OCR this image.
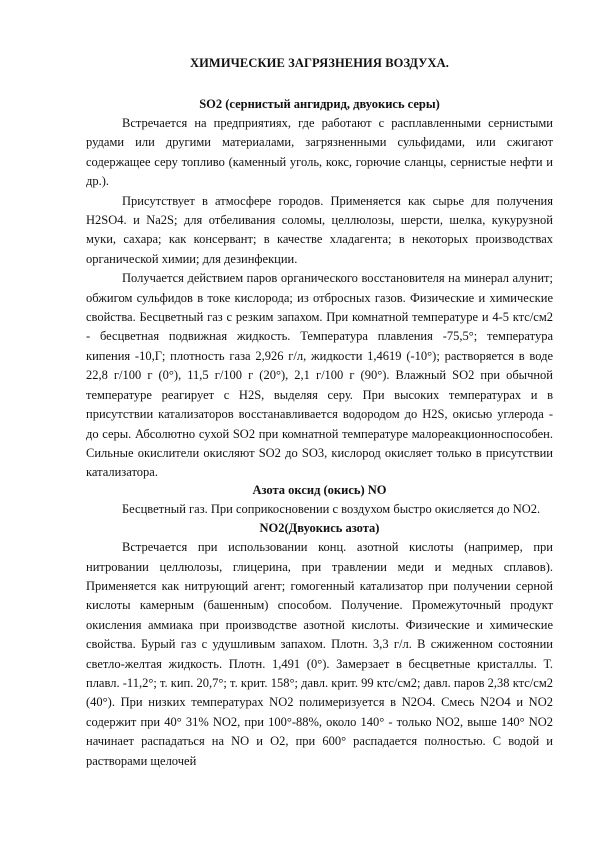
ХИМИЧЕСКИЕ ЗАГРЯЗНЕНИЯ ВОЗДУХА.
SO2 (сернистый ангидрид, двуокись серы)

Встречается на предприятиях, где работают с расплавленными сернистыми рудами или другими материалами, загрязненными сульфидами, или сжигают содержащее серу топливо (каменный уголь, кокс, горючие сланцы, сернистые нефти и др.).

Присутствует в атмосфере городов. Применяется как сырье для получения H2SO4. и Na2S; для отбеливания соломы, целлюлозы, шерсти, шелка, кукурузной муки, сахара; как консервант; в качестве хладагента; в некоторых производствах органической химии; для дезинфекции.

Получается действием паров органического восстановителя на минерал алунит; обжигом сульфидов в токе кислорода; из отбросных газов. Физические и химические свойства. Бесцветный газ с резким запахом. При комнатной температуре и 4-5 ктс/см2 - бесцветная подвижная жидкость. Температура плавления -75,5°; температура кипения -10,Г; плотность газа 2,926 г/л, жидкости 1,4619 (-10°); растворяется в воде 22,8 г/100 г (0°), 11,5 г/100 г (20°), 2,1 г/100 г (90°). Влажный SO2 при обычной температуре реагирует с H2S, выделяя серу. При высоких температурах и в присутствии катализаторов восстанавливается водородом до H2S, окисью углерода - до серы. Абсолютно сухой SO2 при комнатной температуре малореакционноспособен. Сильные окислители окисляют SO2 до SO3, кислород окисляет только в присутствии катализатора.

Азота оксид (окись) NO

Бесцветный газ. При соприкосновении с воздухом быстро окисляется до NO2.

NO2(Двуокись азота)

Встречается при использовании конц. азотной кислоты (например, при нитровании целлюлозы, глицерина, при травлении меди и медных сплавов). Применяется как нитрующий агент; гомогенный катализатор при получении серной кислоты камерным (башенным) способом. Получение. Промежуточный продукт окисления аммиака при производстве азотной кислоты. Физические и химические свойства. Бурый газ с удушливым запахом. Плотн. 3,3 г/л. В сжиженном состоянии светло-желтая жидкость. Плотн. 1,491 (0°). Замерзает в бесцветные кристаллы. Т. плавл. -11,2°; т. кип. 20,7°; т. крит. 158°; давл. крит. 99 ктс/см2; давл. паров 2,38 ктс/см2 (40°). При низких температурах NO2 полимеризуется в N2O4. Смесь N2O4 и NO2 содержит при 40° 31% NO2, при 100°-88%, около 140° - только NO2, выше 140° NO2 начинает распадаться на NO и O2, при 600° распадается полностью. С водой и растворами щелочей
